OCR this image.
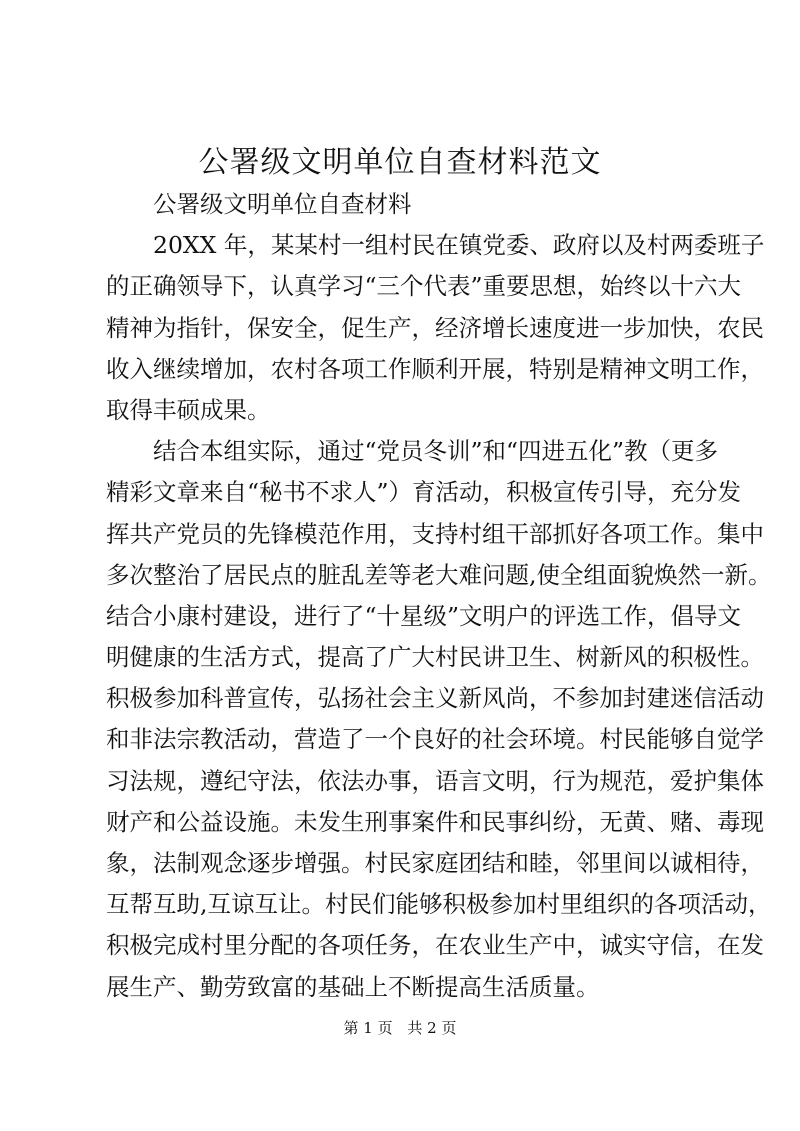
公署级文明单位自查材料范文
公署级文明单位自查材料
20XX 年，某某村一组村民在镇党委、政府以及村两委班子
的正确领导下，认真学习“三个代表”重要思想，始终以十六大
精神为指针，保安全，促生产，经济增长速度进一步加快，农民
收入继续增加，农村各项工作顺利开展，特别是精神文明工作，
取得丰硕成果。
结合本组实际，通过“党员冬训”和“四进五化”教（更多
精彩文章来自“秘书不求人”）育活动，积极宣传引导，充分发
挥共产党员的先锋模范作用，支持村组干部抓好各项工作。集中
多次整治了居民点的脏乱差等老大难问题,使全组面貌焕然一新。
结合小康村建设，进行了“十星级”文明户的评选工作，倡导文
明健康的生活方式，提高了广大村民讲卫生、树新风的积极性。
积极参加科普宣传，弘扬社会主义新风尚，不参加封建迷信活动
和非法宗教活动，营造了一个良好的社会环境。村民能够自觉学
习法规，遵纪守法，依法办事，语言文明，行为规范，爱护集体
财产和公益设施。未发生刑事案件和民事纠纷，无黄、赌、毒现
象，法制观念逐步增强。村民家庭团结和睦，邻里间以诚相待，
互帮互助,互谅互让。村民们能够积极参加村里组织的各项活动，
积极完成村里分配的各项任务，在农业生产中，诚实守信，在发
展生产、勤劳致富的基础上不断提高生活质量。
第 1 页 共 2 页
